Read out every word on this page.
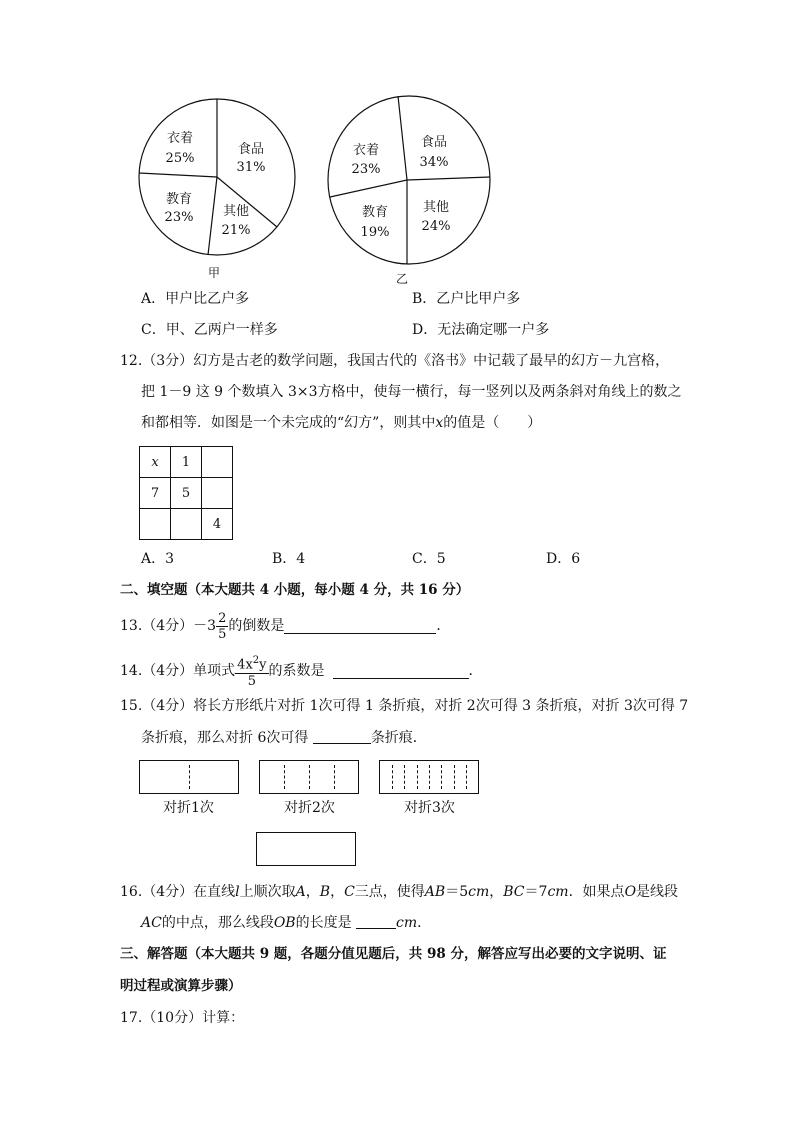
衣着
25%
食品
31%
其他
21%
教育
23%
甲
衣着
23%
食品
34%
其他
24%
教育
19%
乙
A．甲户比乙户多	B．乙户比甲户多
C．甲、乙两户一样多	D．无法确定哪一户多
12.（3分）幻方是古老的数学问题，我国古代的《洛书》中记载了最早的幻方－九宫格，
把 1－9 这 9 个数填入 3×3方格中，使每一横行，每一竖列以及两条斜对角线上的数之
和都相等．如图是一个未完成的“幻方”，则其中x的值是（　　）
x	1	
7	5	
		4
A．3	B．4	C．5	D．6
二、填空题（本大题共 4 小题，每小题 4 分，共 16 分）
13.（4分）$-3 \frac{2}{5}$ 的倒数是	．
14.（4分）单项式 $\frac{4x^2y}{5}$ 的系数是	．
15.（4分）将长方形纸片对折 1次可得 1 条折痕，对折 2次可得 3 条折痕，对折 3次可得 7
条折痕，那么对折 6次可得	条折痕．
对折1次	对折2次	对折3次
16.（4分）在直线l上顺次取A，B，C三点，使得AB＝5cm，BC＝7cm．如果点O是线段
AC的中点，那么线段OB的长度是	cm．
三、解答题（本大题共 9 题，各题分值见题后，共 98 分，解答应写出必要的文字说明、证
明过程或演算步骤）
17.（10分）计算：
